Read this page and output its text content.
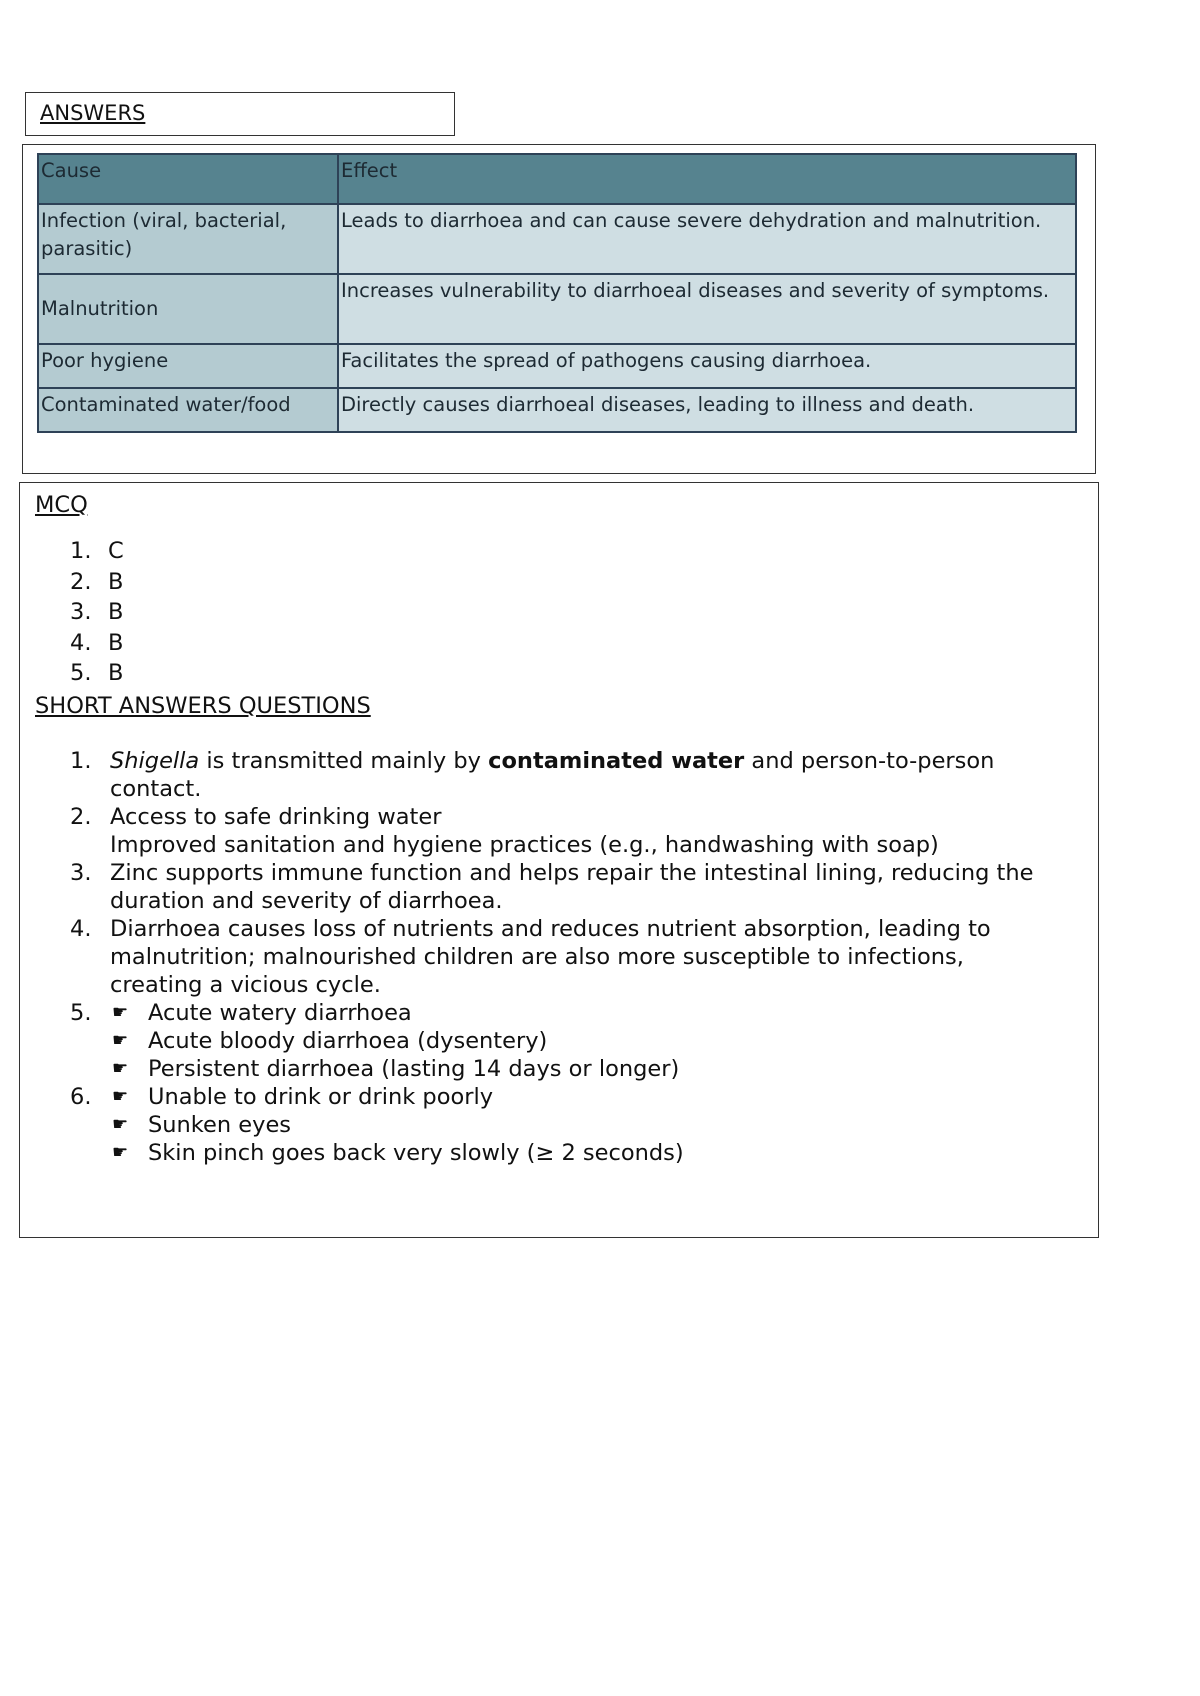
ANSWERS
Cause	Effect
Infection (viral, bacterial, parasitic)	Leads to diarrhoea and can cause severe dehydration and malnutrition.
Malnutrition	Increases vulnerability to diarrhoeal diseases and severity of symptoms.
Poor hygiene	Facilitates the spread of pathogens causing diarrhoea.
Contaminated water/food	Directly causes diarrhoeal diseases, leading to illness and death.
MCQ
1. C

2. B

3. B

4. B

5. B

SHORT ANSWERS QUESTIONS
1. Shigella is transmitted mainly by contaminated water and person-to-person contact.
2. Access to safe drinking water
Improved sanitation and hygiene practices (e.g., handwashing with soap)
3. Zinc supports immune function and helps repair the intestinal lining, reducing the duration and severity of diarrhoea.
4. Diarrhoea causes loss of nutrients and reduces nutrient absorption, leading to malnutrition; malnourished children are also more susceptible to infections, creating a vicious cycle.
5. ☛ Acute watery diarrhoea
☛ Acute bloody diarrhoea (dysentery)
☛ Persistent diarrhoea (lasting 14 days or longer)
6. ☛ Unable to drink or drink poorly
☛ Sunken eyes
☛ Skin pinch goes back very slowly (≥ 2 seconds)
